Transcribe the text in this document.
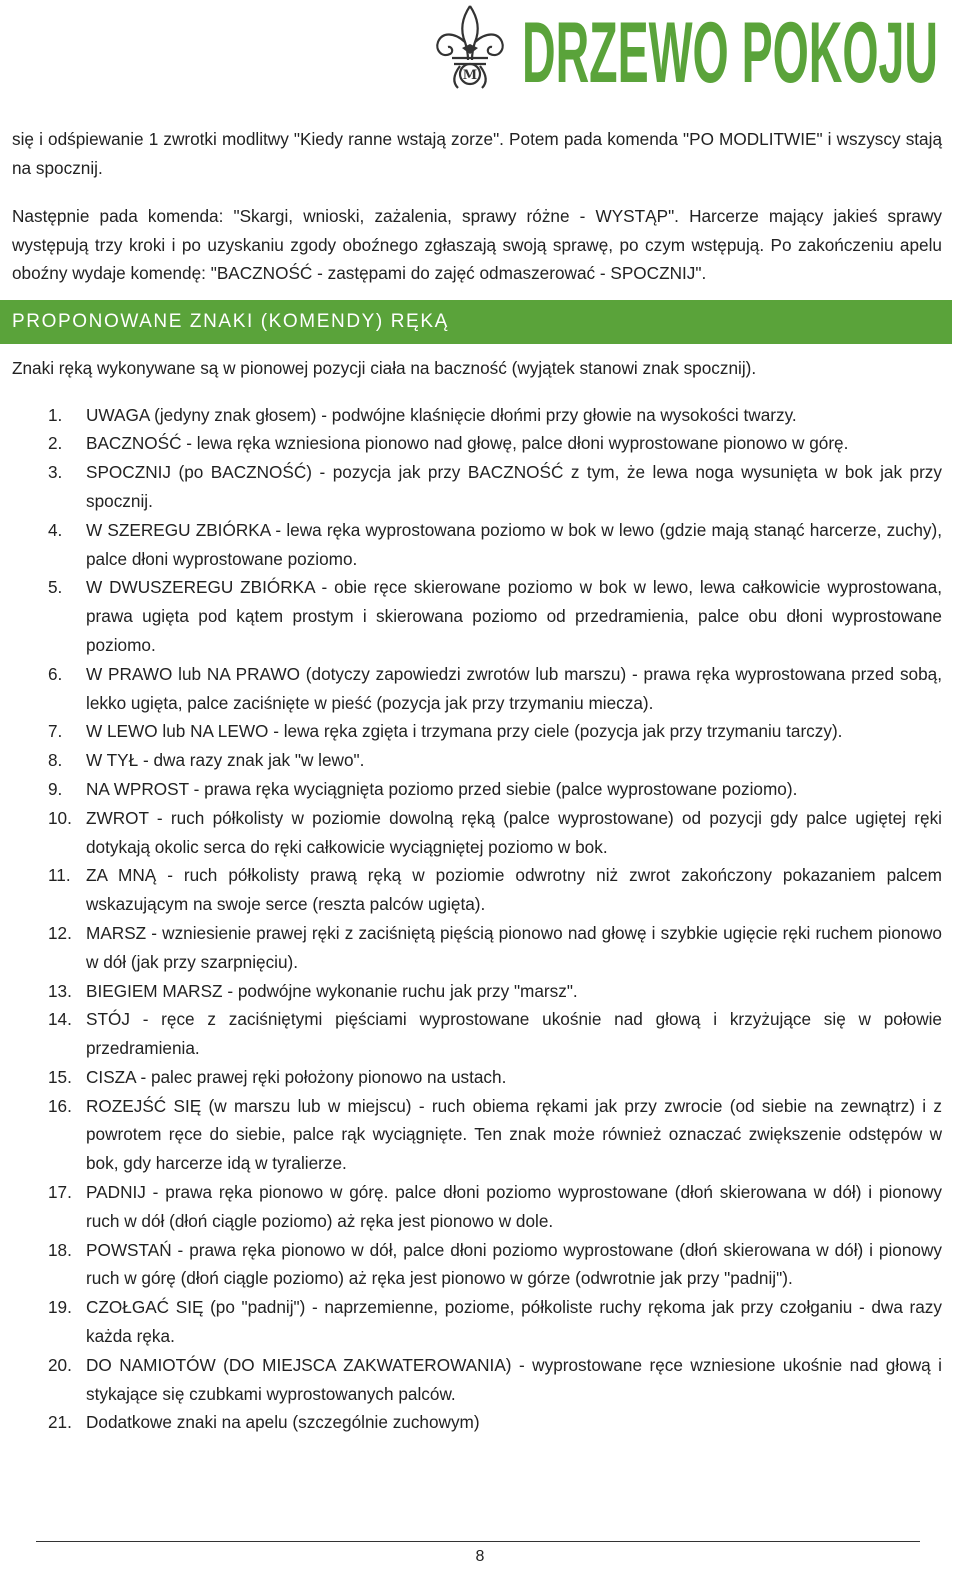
M DRZEWO POKOJU

się i odśpiewanie 1 zwrotki modlitwy "Kiedy ranne wstają zorze". Potem pada komenda "PO MODLITWIE" i wszyscy stają na spocznij.

Następnie pada komenda: "Skargi, wnioski, zażalenia, sprawy różne - WYSTĄP". Harcerze mający jakieś sprawy występują trzy kroki i po uzyskaniu zgody oboźnego zgłaszają swoją sprawę, po czym wstępują. Po zakończeniu apelu oboźny wydaje komendę: "BACZNOŚĆ - zastępami do zajęć odmaszerować - SPOCZNIJ".

PROPONOWANE ZNAKI (KOMENDY) RĘKĄ

Znaki ręką wykonywane są w pionowej pozycji ciała na baczność (wyjątek stanowi znak spocznij).

1.	UWAGA (jedyny znak głosem) - podwójne klaśnięcie dłońmi przy głowie na wysokości twarzy.
2.	BACZNOŚĆ - lewa ręka wzniesiona pionowo nad głowę, palce dłoni wyprostowane pionowo w górę.
3.	SPOCZNIJ (po BACZNOŚĆ) - pozycja jak przy BACZNOŚĆ z tym, że lewa noga wysunięta w bok jak przy spocznij.
4.	W SZEREGU ZBIÓRKA - lewa ręka wyprostowana poziomo w bok w lewo (gdzie mają stanąć harcerze, zuchy), palce dłoni wyprostowane poziomo.
5.	W DWUSZEREGU ZBIÓRKA - obie ręce skierowane poziomo w bok w lewo, lewa całkowicie wyprostowana, prawa ugięta pod kątem prostym i skierowana poziomo od przedramienia, palce obu dłoni wyprostowane poziomo.
6.	W PRAWO lub NA PRAWO (dotyczy zapowiedzi zwrotów lub marszu) - prawa ręka wyprostowana przed sobą, lekko ugięta, palce zaciśnięte w pieść (pozycja jak przy trzymaniu miecza).
7.	W LEWO lub NA LEWO - lewa ręka zgięta i trzymana przy ciele (pozycja jak przy trzymaniu tarczy).
8.	W TYŁ - dwa razy znak jak "w lewo".
9.	NA WPROST - prawa ręka wyciągnięta poziomo przed siebie (palce wyprostowane poziomo).
10. ZWROT - ruch półkolisty w poziomie dowolną ręką (palce wyprostowane) od pozycji gdy palce ugiętej ręki dotykają okolic serca do ręki całkowicie wyciągniętej poziomo w bok.
11. ZA MNĄ - ruch półkolisty prawą ręką w poziomie odwrotny niż zwrot zakończony pokazaniem palcem wskazującym na swoje serce (reszta palców ugięta).
12. MARSZ - wzniesienie prawej ręki z zaciśniętą pięścią pionowo nad głowę i szybkie ugięcie ręki ruchem pionowo w dół (jak przy szarpnięciu).
13. BIEGIEM MARSZ - podwójne wykonanie ruchu jak przy "marsz".
14. STÓJ - ręce z zaciśniętymi pięściami wyprostowane ukośnie nad głową i krzyżujące się w połowie przedramienia.
15. CISZA - palec prawej ręki położony pionowo na ustach.
16. ROZEJŚĆ SIĘ (w marszu lub w miejscu) - ruch obiema rękami jak przy zwrocie (od siebie na zewnątrz) i z powrotem ręce do siebie, palce rąk wyciągnięte. Ten znak może również oznaczać zwiększenie odstępów w bok, gdy harcerze idą w tyralierze.
17. PADNIJ - prawa ręka pionowo w górę. palce dłoni poziomo wyprostowane (dłoń skierowana w dół) i pionowy ruch w dół (dłoń ciągle poziomo) aż ręka jest pionowo w dole.
18. POWSTAŃ - prawa ręka pionowo w dół, palce dłoni poziomo wyprostowane (dłoń skierowana w dół) i pionowy ruch w górę (dłoń ciągle poziomo) aż ręka jest pionowo w górze (odwrotnie jak przy "padnij").
19. CZOŁGAĆ SIĘ (po "padnij") - naprzemienne, poziome, półkoliste ruchy rękoma jak przy czołganiu - dwa razy każda ręka.
20. DO NAMIOTÓW (DO MIEJSCA ZAKWATEROWANIA) - wyprostowane ręce wzniesione ukośnie nad głową i stykające się czubkami wyprostowanych palców.
21. Dodatkowe znaki na apelu (szczególnie zuchowym)
8
